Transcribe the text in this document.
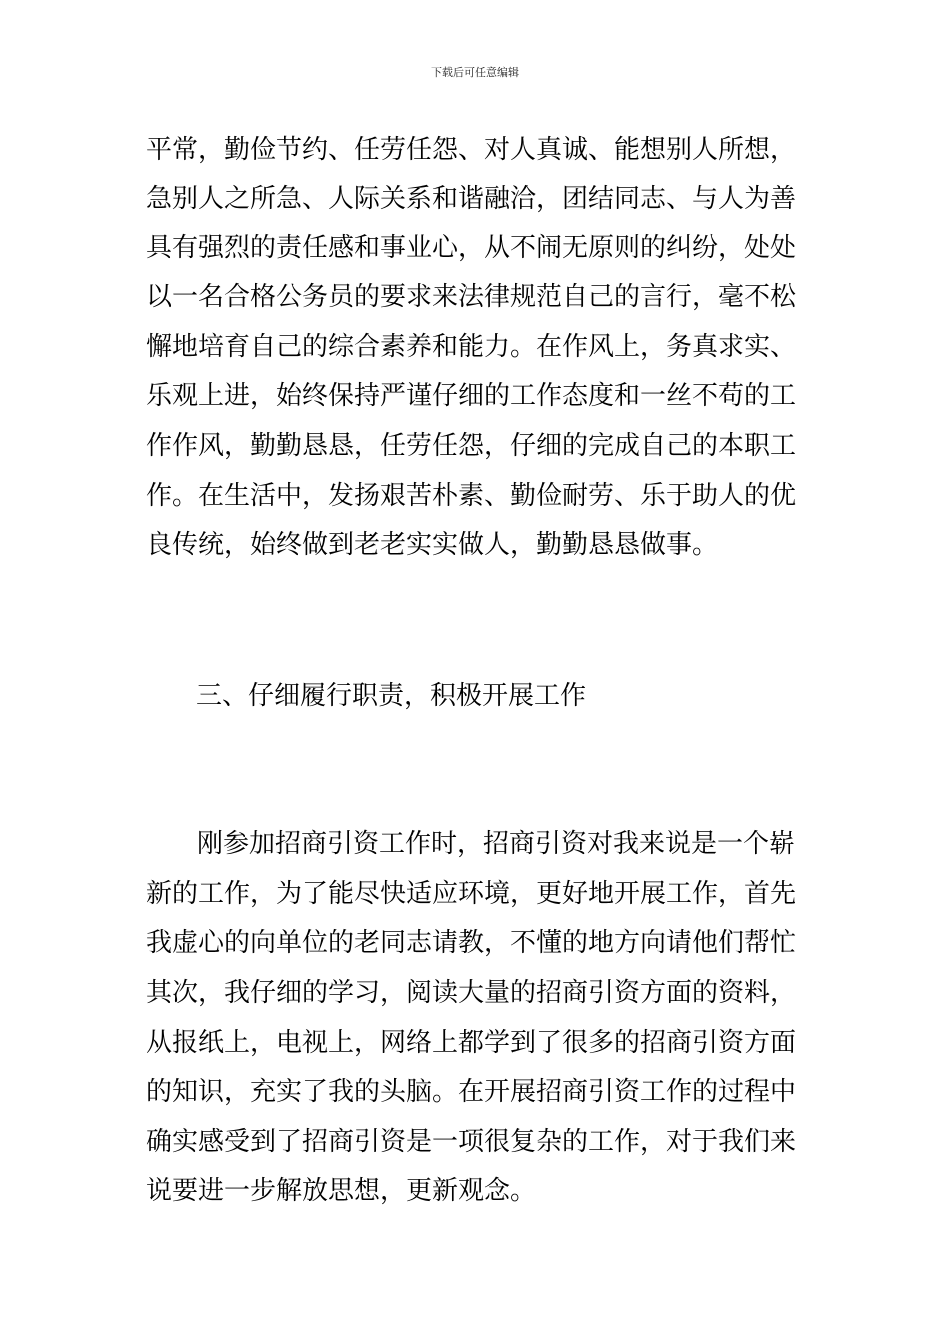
下载后可任意编辑
平常，勤俭节约、任劳任怨、对人真诚、能想别人所想，
急别人之所急、人际关系和谐融洽，团结同志、与人为善
具有强烈的责任感和事业心，从不闹无原则的纠纷，处处
以一名合格公务员的要求来法律规范自己的言行，毫不松
懈地培育自己的综合素养和能力。在作风上，务真求实、
乐观上进，始终保持严谨仔细的工作态度和一丝不苟的工
作作风，勤勤恳恳，任劳任怨，仔细的完成自己的本职工
作。在生活中，发扬艰苦朴素、勤俭耐劳、乐于助人的优
良传统，始终做到老老实实做人，勤勤恳恳做事。
三、仔细履行职责，积极开展工作
刚参加招商引资工作时，招商引资对我来说是一个崭
新的工作，为了能尽快适应环境，更好地开展工作，首先
我虚心的向单位的老同志请教，不懂的地方向请他们帮忙
其次，我仔细的学习，阅读大量的招商引资方面的资料，
从报纸上，电视上，网络上都学到了很多的招商引资方面
的知识，充实了我的头脑。在开展招商引资工作的过程中
确实感受到了招商引资是一项很复杂的工作，对于我们来
说要进一步解放思想，更新观念。
